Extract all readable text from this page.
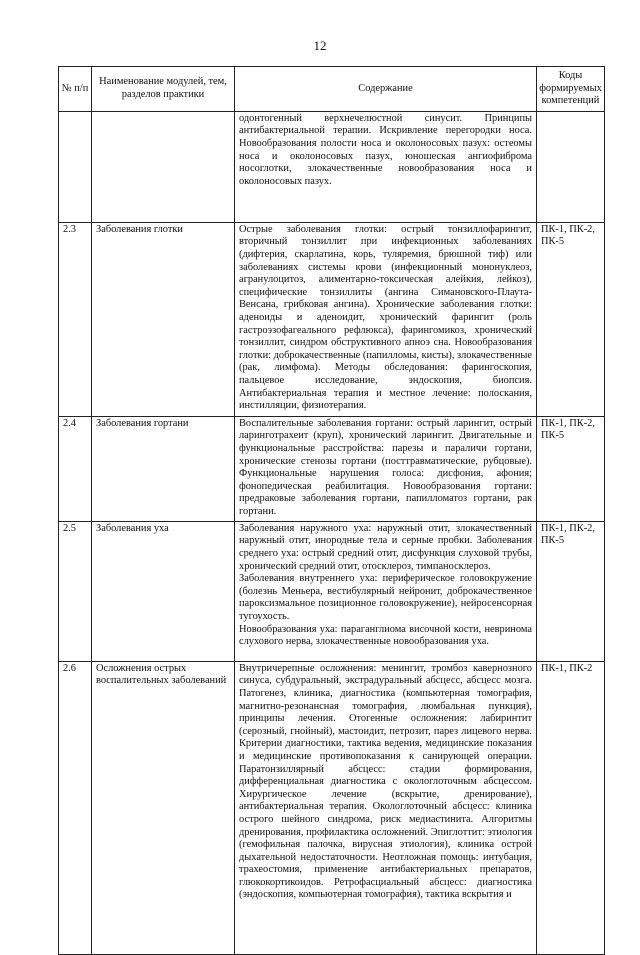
12
№ п/п	Наименование модулей, тем, разделов практики	Содержание	Коды формируемых компетенций
		одонтогенный верхнечелюстной синусит. Принципы антибактериальной терапии. Искривление перегородки носа. Новообразования полости носа и околоносовых пазух: остеомы носа и околоносовых пазух, юношеская ангиофиброма носоглотки, злокачественные новообразования носа и околоносовых пазух.	
2.3	Заболевания глотки	Острые заболевания глотки: острый тонзиллофарингит, вторичный тонзиллит при инфекционных заболеваниях (дифтерия, скарлатина, корь, туляремия, брюшной тиф) или заболеваниях системы крови (инфекционный мононуклеоз, агранулоцитоз, алиментарно-токсическая алейкия, лейкоз), специфические тонзиллиты (ангина Симановского-Плаута-Венсана, грибковая ангина). Хронические заболевания глотки: аденоиды и аденоидит, хронический фарингит (роль гастроэзофагеального рефлюкса), фарингомикоз, хронический тонзиллит, синдром обструктивного апноэ сна. Новообразования глотки: доброкачественные (папилломы, кисты), злокачественные (рак, лимфома). Методы обследования: фарингоскопия, пальцевое исследование, эндоскопия, биопсия. Антибактериальная терапия и местное лечение: полоскания, инстилляции, физиотерапия.	ПК-1, ПК-2, ПК-5
2.4	Заболевания гортани	Воспалительные заболевания гортани: острый ларингит, острый ларинготрахеит (круп), хронический ларингит. Двигательные и функциональные расстройства: парезы и параличи гортани, хронические стенозы гортани (посттравматические, рубцовые). Функциональные нарушения голоса: дисфония, афония; фонопедическая реабилитация. Новообразования гортани: предраковые заболевания гортани, папилломатоз гортани, рак гортани.	ПК-1, ПК-2, ПК-5
2.5	Заболевания уха	Заболевания наружного уха: наружный отит, злокачественный наружный отит, инородные тела и серные пробки. Заболевания среднего уха: острый средний отит, дисфункция слуховой трубы, хронический средний отит, отосклероз, тимпаносклероз.
Заболевания внутреннего уха: периферическое головокружение (болезнь Меньера, вестибулярный нейронит, доброкачественное пароксизмальное позиционное головокружение), нейросенсорная тугоухость.
Новообразования уха: параганглиома височной кости, невринома слухового нерва, злокачественные новообразования уха.	ПК-1, ПК-2, ПК-5
2.6	Осложнения острых воспалительных заболеваний	Внутричерепные осложнения: менингит, тромбоз кавернозного синуса, субдуральный, экстрадуральный абсцесс, абсцесс мозга. Патогенез, клиника, диагностика (компьютерная томография, магнитно-резонансная томография, люмбальная пункция), принципы лечения. Отогенные осложнения: лабиринтит (серозный, гнойный), мастоидит, петрозит, парез лицевого нерва. Критерии диагностики, тактика ведения, медицинские показания и медицинские противопоказания к санирующей операции. Паратонзиллярный абсцесс: стадии формирования, дифференциальная диагностика с окологлоточным абсцессом. Хирургическое лечение (вскрытие, дренирование), антибактериальная терапия. Окологлоточный абсцесс: клиника острого шейного синдрома, риск медиастинита. Алгоритмы дренирования, профилактика осложнений. Эпиглоттит: этиология (гемофильная палочка, вирусная этиология), клиника острой дыхательной недостаточности. Неотложная помощь: интубация, трахеостомия, применение антибактериальных препаратов, глюкокортикоидов. Ретрофасциальный абсцесс: диагностика (эндоскопия, компьютерная томография), тактика вскрытия и	ПК-1, ПК-2
